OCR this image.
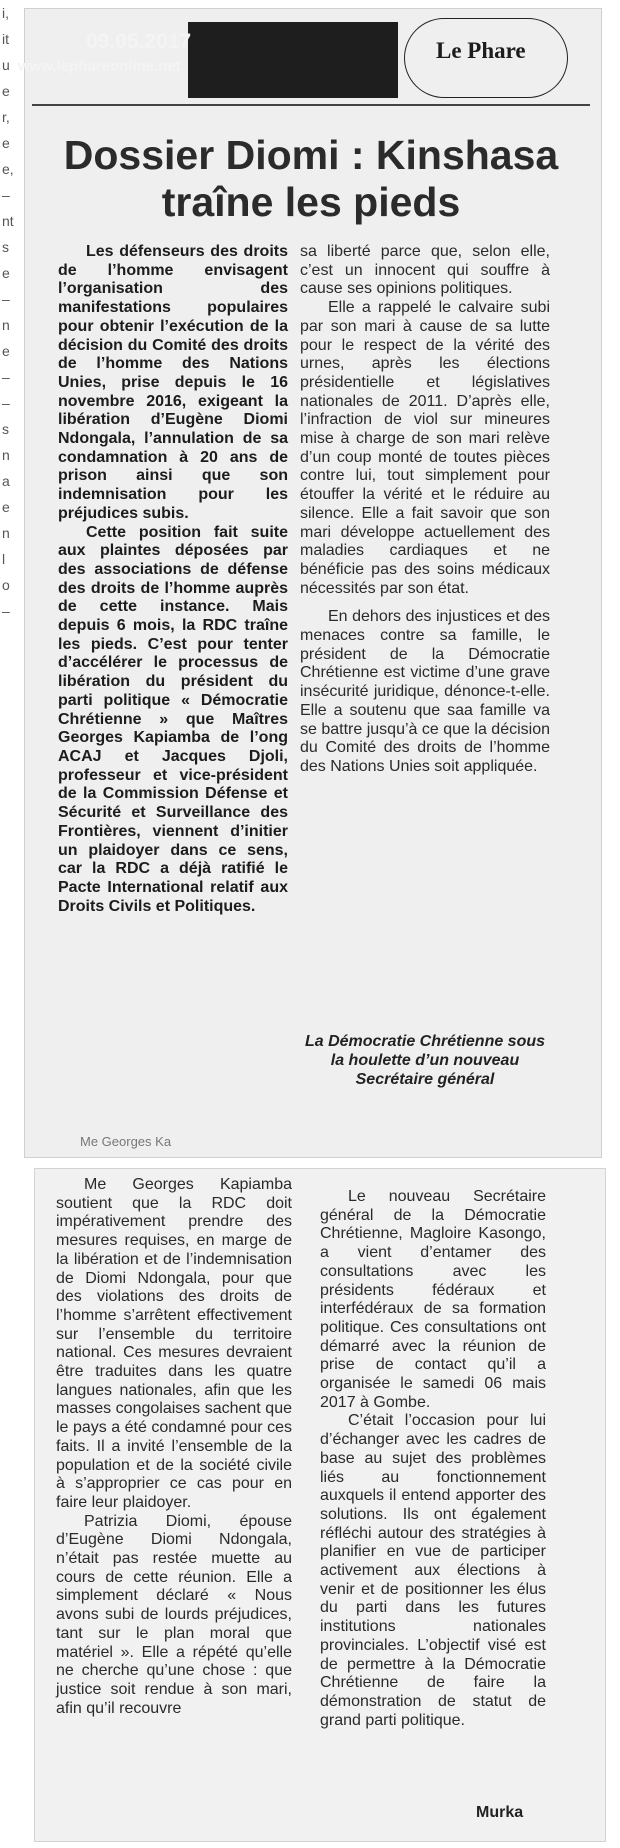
i,
it
u
e
r,
e
e,
–
nt
s
e
–
n
e
–
–
s
n
a
e
n
l
o
–
09.05.2017
www.lephareonline.net
Le Phare
Dossier Diomi : Kinshasa traîne les pieds

Les défenseurs des droits de l’homme envisagent l’organisation des manifestations populaires pour obtenir l’exécution de la décision du Comité des droits de l’homme des Nations Unies, prise depuis le 16 novembre 2016, exigeant la libération d’Eugène Diomi Ndongala, l’annulation de sa condamnation à 20 ans de prison ainsi que son indemnisation pour les préjudices subis.

Cette position fait suite aux plaintes déposées par des associations de défense des droits de l’homme auprès de cette instance. Mais depuis 6 mois, la RDC traîne les pieds. C’est pour tenter d’accélérer le processus de libération du président du parti politique « Démocratie Chrétienne » que Maîtres Georges Kapiamba de l’ong ACAJ et Jacques Djoli, professeur et vice-président de la Commission Défense et Sécurité et Surveillance des Frontières, viennent d’initier un plaidoyer dans ce sens, car la RDC a déjà ratifié le Pacte International relatif aux Droits Civils et Politiques.

sa liberté parce que, selon elle, c’est un innocent qui souffre à cause ses opinions politiques.

Elle a rappelé le calvaire subi par son mari à cause de sa lutte pour le respect de la vérité des urnes, après les élections présidentielle et législatives nationales de 2011. D’après elle, l’infraction de viol sur mineures mise à charge de son mari relève d’un coup monté de toutes pièces contre lui, tout simplement pour étouffer la vérité et le réduire au silence. Elle a fait savoir que son mari développe actuellement des maladies cardiaques et ne bénéficie pas des soins médicaux nécessités par son état.

En dehors des injustices et des menaces contre sa famille, le président de la Démocratie Chrétienne est victime d’une grave insécurité juridique, dénonce-t-elle. Elle a soutenu que saa famille va se battre jusqu’à ce que la décision du Comité des droits de l’homme des Nations Unies soit appliquée.

La Démocratie Chrétienne sous la houlette d’un nouveau Secrétaire général
Me Georges Ka

Me Georges Kapiamba soutient que la RDC doit impérativement prendre des mesures requises, en marge de la libération et de l’indemnisation de Diomi Ndongala, pour que des violations des droits de l’homme s’arrêtent effectivement sur l’ensemble du territoire national. Ces mesures devraient être traduites dans les quatre langues nationales, afin que les masses congolaises sachent que le pays a été condamné pour ces faits. Il a invité l’ensemble de la population et de la société civile à s’approprier ce cas pour en faire leur plaidoyer.

Patrizia Diomi, épouse d’Eugène Diomi Ndongala, n’était pas restée muette au cours de cette réunion. Elle a simplement déclaré « Nous avons subi de lourds préjudices, tant sur le plan moral que matériel ». Elle a répété qu’elle ne cherche qu’une chose : que justice soit rendue à son mari, afin qu’il recouvre

Le nouveau Secrétaire général de la Démocratie Chrétienne, Magloire Kasongo, a vient d’entamer des consultations avec les présidents fédéraux et interfédéraux de sa formation politique. Ces consultations ont démarré avec la réunion de prise de contact qu’il a organisée le samedi 06 mais 2017 à Gombe.

C’était l’occasion pour lui d’échanger avec les cadres de base au sujet des problèmes liés au fonctionnement auxquels il entend apporter des solutions. Ils ont également réfléchi autour des stratégies à planifier en vue de participer activement aux élections à venir et de positionner les élus du parti dans les futures institutions nationales provinciales. L’objectif visé est de permettre à la Démocratie Chrétienne de faire la démonstration de statut de grand parti politique.

Murka
